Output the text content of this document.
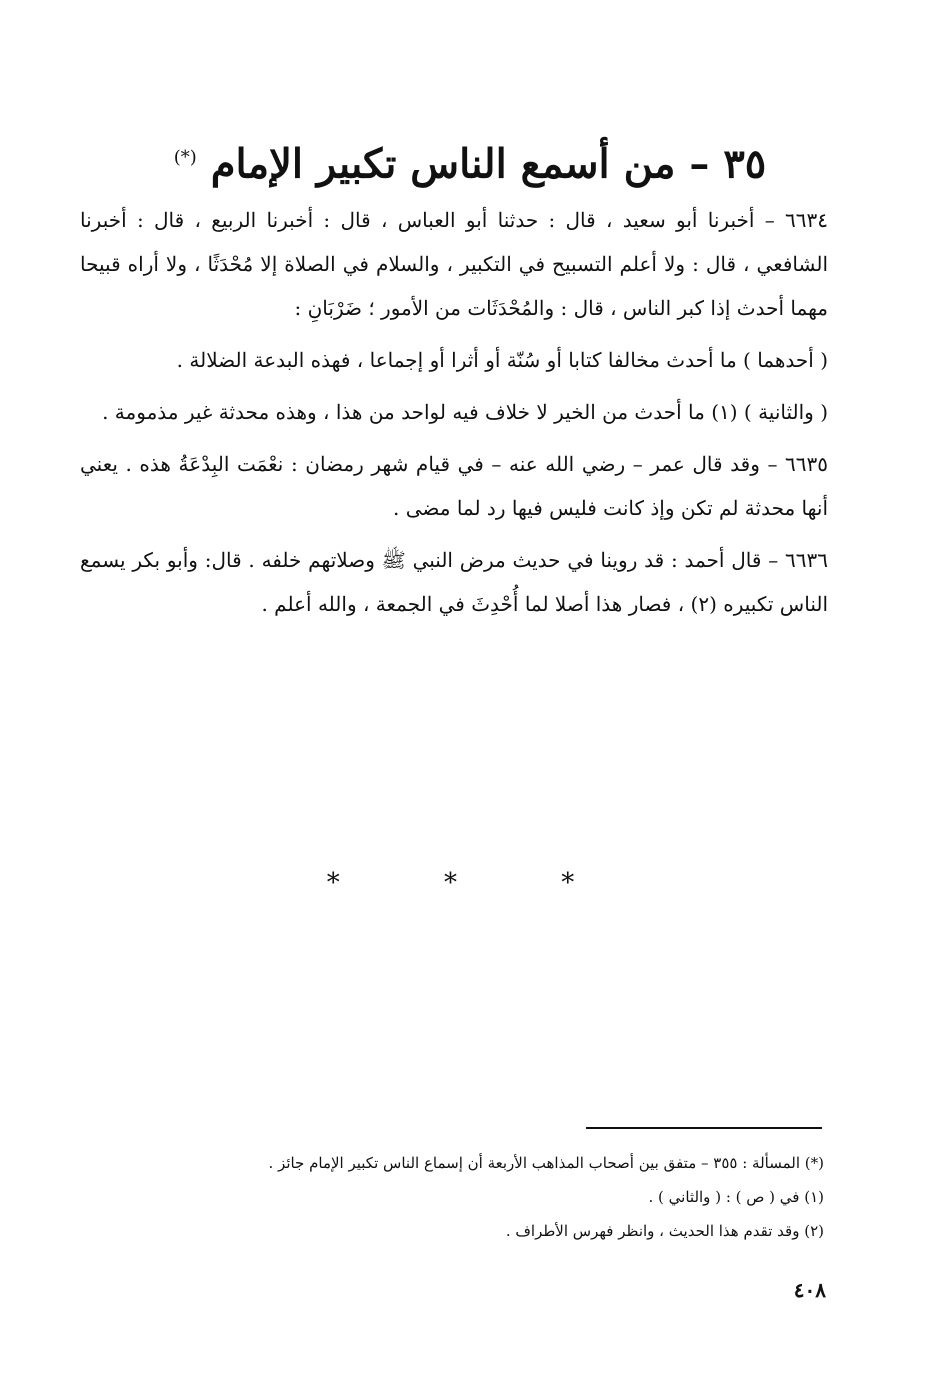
٣٥ – من أسمع الناس تكبير الإمام (*)

٦٦٣٤ – أخبرنا أبو سعيد ، قال : حدثنا أبو العباس ، قال : أخبرنا الربيع ، قال : أخبرنا الشافعي ، قال : ولا أعلم التسبيح في التكبير ، والسلام في الصلاة إلا مُحْدَثًا ، ولا أراه قبيحا مهما أحدث إذا كبر الناس ، قال : والمُحْدَثَات من الأمور ؛ ضَرْبَانِ :

( أحدهما ) ما أحدث مخالفا كتابا أو سُنّة أو أثرا أو إجماعا ، فهذه البدعة الضلالة .

( والثانية ) (١) ما أحدث من الخير لا خلاف فيه لواحد من هذا ، وهذه محدثة غير مذمومة .

٦٦٣٥ – وقد قال عمر – رضي الله عنه – في قيام شهر رمضان : نعْمَت البِدْعَةُ هذه . يعني أنها محدثة لم تكن وإذ كانت فليس فيها رد لما مضى .

٦٦٣٦ – قال أحمد : قد روينا في حديث مرض النبي ﷺ وصلاتهم خلفه . قال: وأبو بكر يسمع الناس تكبيره (٢) ، فصار هذا أصلا لما أُحْدِثَ في الجمعة ، والله أعلم .

* * *

(*) المسألة : ٣٥٥ – متفق بين أصحاب المذاهب الأربعة أن إسماع الناس تكبير الإمام جائز .

(١) في ( ص ) : ( والثاني ) .

(٢) وقد تقدم هذا الحديث ، وانظر فهرس الأطراف .

٤٠٨
